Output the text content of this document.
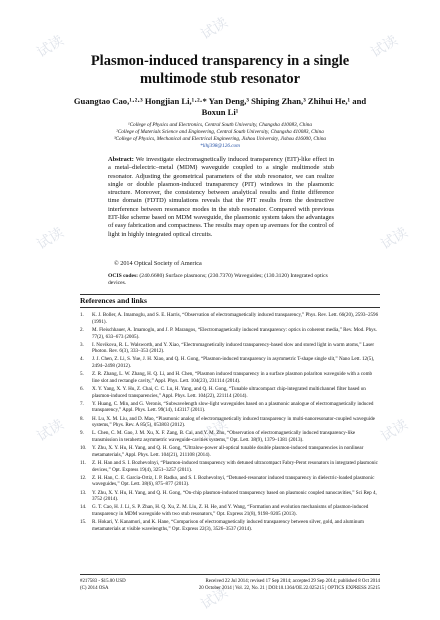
试读
试读
试读
试读	试读
试读	试读	试读
试读
Plasmon-induced transparency in a single multimode stub resonator
Guangtao Cao,¹·²·³ Hongjian Li,¹·²·* Yan Deng,³ Shiping Zhan,³ Zhihui He,¹ and Boxun Li¹
¹College of Physics and Electronics, Central South University, Changsha 410083, China
²College of Materials Science and Engineering, Central South University, Changsha 410083, China
³College of Physics, Mechanical and Electrical Engineering, Jishou University, Jishou 416000, China
*lihj398@126.com
Abstract: We investigate electromagnetically induced transparency (EIT)-like effect in a metal–dielectric–metal (MDM) waveguide coupled to a single multimode stub resonator. Adjusting the geometrical parameters of the stub resonator, we can realize single or double plasmon-induced transparency (PIT) windows in the plasmonic structure. Moreover, the consistency between analytical results and finite difference time domain (FDTD) simulations reveals that the PIT results from the destructive interference between resonance modes in the stub resonator. Compared with previous EIT-like scheme based on MDM waveguide, the plasmonic system takes the advantages of easy fabrication and compactness. The results may open up avenues for the control of light in highly integrated optical circuits.
© 2014 Optical Society of America
OCIS codes: (240.6680) Surface plasmons; (230.7370) Waveguides; (130.3120) Integrated optics devices.
References and links
1.	K. J. Boller, A. Imamoglu, and S. E. Harris, “Observation of electromagnetically induced transparency,” Phys. Rev. Lett. 66(20), 2593–2596 (1991).
2.	M. Fleischhauer, A. Imamoglu, and J. P. Marangos, “Electromagnetically induced transparency: optics in coherent media,” Rev. Mod. Phys. 77(2), 633–673 (2005).
3.	I. Novikova, R. L. Walsworth, and Y. Xiao, “Electromagnetically induced transparency-based slow and stored light in warm atoms,” Laser Photon. Rev. 6(3), 333–353 (2012).
4.	J. J. Chen, Z. Li, S. Yue, J. H. Xiao, and Q. H. Gong, “Plasmon-induced transparency in asymmetric T-shape single slit,” Nano Lett. 12(5), 2494–2498 (2012).
5.	Z. R. Zhang, L. W. Zhang, H. Q. Li, and H. Chen, “Plasmon induced transparency in a surface plasmon polariton waveguide with a comb line slot and rectangle cavity,” Appl. Phys. Lett. 104(23), 231114 (2014).
6.	X. Y. Yang, X. Y. Hu, Z. Chai, C. C. Lu, H. Yang, and Q. H. Gong, “Tunable ultracompact chip-integrated multichannel filter based on plasmon-induced transparencies,” Appl. Phys. Lett. 104(22), 221114 (2014).
7.	Y. Huang, C. Min, and G. Veronis, “Subwavelength slow-light waveguides based on a plasmonic analogue of electromagnetically induced transparency,” Appl. Phys. Lett. 99(14), 143117 (2011).
8.	H. Lu, X. M. Liu, and D. Mao, “Plasmonic analog of electromagnetically induced transparency in multi-nanoresonator-coupled waveguide systems,” Phys. Rev. A 85(5), 053803 (2012).
9.	L. Chen, C. M. Gao, J. M. Xu, X. F. Zang, B. Cai, and Y. M. Zhu, “Observation of electromagnetically induced transparency-like transmission in terahertz asymmetric waveguide-cavities systems,” Opt. Lett. 38(9), 1379–1381 (2013).
10.	Y. Zhu, X. Y. Hu, H. Yang, and Q. H. Gong, “Ultralow-power all-optical tunable double plasmon-induced transparencies in nonlinear metamaterials,” Appl. Phys. Lett. 104(21), 211108 (2014).
11.	Z. H. Han and S. I. Bozhevolnyi, “Plasmon-induced transparency with detuned ultracompact Fabry-Perot resonators in integrated plasmonic devices,” Opt. Express 19(4), 3251–3257 (2011).
12.	Z. H. Han, C. E. Garcia-Ortiz, I. P. Radko, and S. I. Bozhevolnyi, “Detuned-resonator induced transparency in dielectric-loaded plasmonic waveguides,” Opt. Lett. 38(6), 875–877 (2013).
13.	Y. Zhu, X. Y. Hu, H. Yang, and Q. H. Gong, “On-chip plasmon-induced transparency based on plasmonic coupled nanocavities,” Sci Rep 4, 3752 (2014).
14.	G. T. Cao, H. J. Li, S. P. Zhan, H. Q. Xu, Z. M. Liu, Z. H. He, and Y. Wang, “Formation and evolution mechanisms of plasmon-induced transparency in MDM waveguide with two stub resonators,” Opt. Express 21(8), 9198–9205 (2013).
15.	R. Hokari, Y. Kanamori, and K. Hane, “Comparison of electromagnetically induced transparency between silver, gold, and aluminum metamaterials at visible wavelengths,” Opt. Express 22(3), 3526–3537 (2014).
#217583 - $15.00 USD	Received 22 Jul 2014; revised 17 Sep 2014; accepted 29 Sep 2014; published 8 Oct 2014
(C) 2014 OSA	20 October 2014 | Vol. 22, No. 21 | DOI:10.1364/OE.22.025215 | OPTICS EXPRESS 25215
